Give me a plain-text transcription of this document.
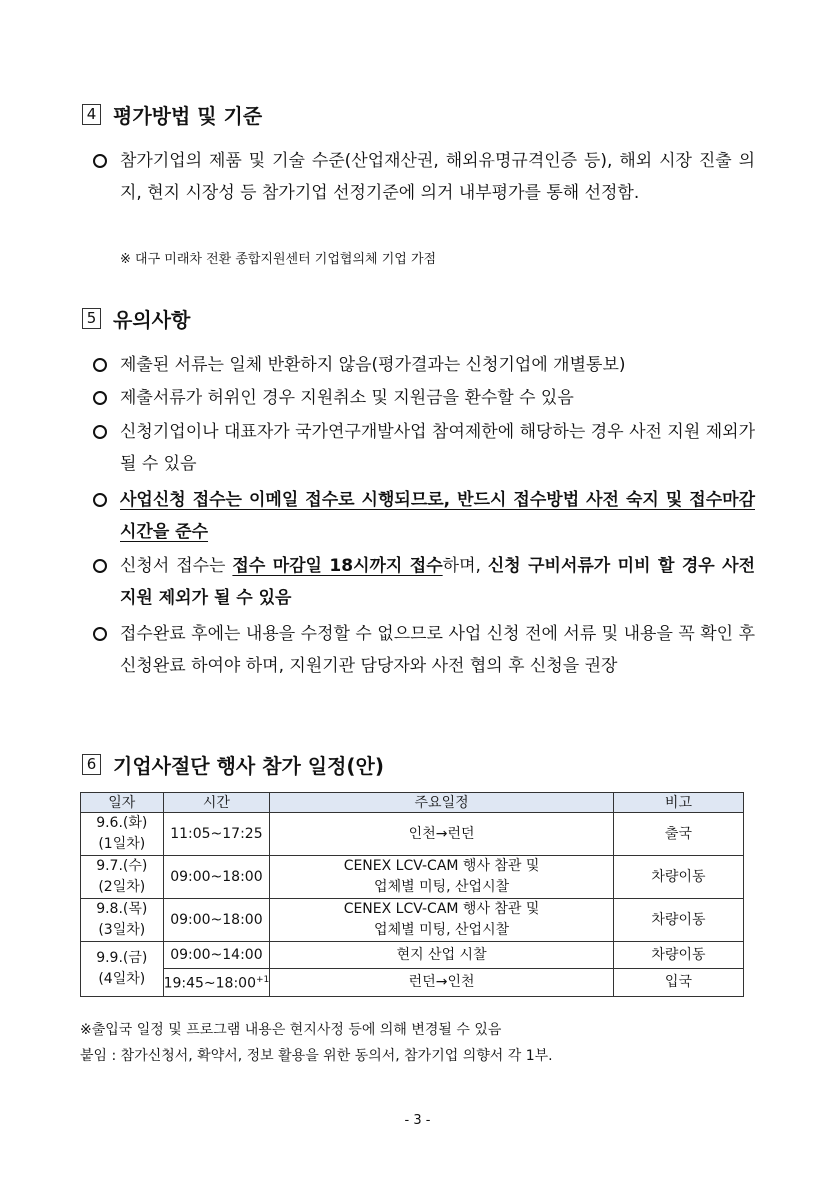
4 평가방법 및 기준
참가기업의 제품 및 기술 수준(산업재산권, 해외유명규격인증 등), 해외 시장 진출 의지, 현지 시장성 등 참가기업 선정기준에 의거 내부평가를 통해 선정함.
※ 대구 미래차 전환 종합지원센터 기업협의체 기업 가점
5 유의사항
제출된 서류는 일체 반환하지 않음(평가결과는 신청기업에 개별통보)
제출서류가 허위인 경우 지원취소 및 지원금을 환수할 수 있음
신청기업이나 대표자가 국가연구개발사업 참여제한에 해당하는 경우 사전 지원 제외가 될 수 있음
사업신청 접수는 이메일 접수로 시행되므로, 반드시 접수방법 사전 숙지 및 접수마감 시간을 준수
신청서 접수는 접수 마감일 18시까지 접수하며, 신청 구비서류가 미비 할 경우 사전 지원 제외가 될 수 있음
접수완료 후에는 내용을 수정할 수 없으므로 사업 신청 전에 서류 및 내용을 꼭 확인 후 신청완료 하여야 하며, 지원기관 담당자와 사전 협의 후 신청을 권장
6 기업사절단 행사 참가 일정(안)
일자	시간	주요일정	비고
9.6.(화)
(1일차)	11:05~17:25	인천→런던	출국
9.7.(수)
(2일차)	09:00~18:00	CENEX LCV-CAM 행사 참관 및
업체별 미팅, 산업시찰	차량이동
9.8.(목)
(3일차)	09:00~18:00	CENEX LCV-CAM 행사 참관 및
업체별 미팅, 산업시찰	차량이동
9.9.(금)
(4일차)	09:00~14:00	현지 산업 시찰	차량이동
	$19:45\sim 18:00^{+1}$	런던→인천	입국
※출입국 일정 및 프로그램 내용은 현지사정 등에 의해 변경될 수 있음
붙임 : 참가신청서, 확약서, 정보 활용을 위한 동의서, 참가기업 의향서 각 1부.
- 3 -
